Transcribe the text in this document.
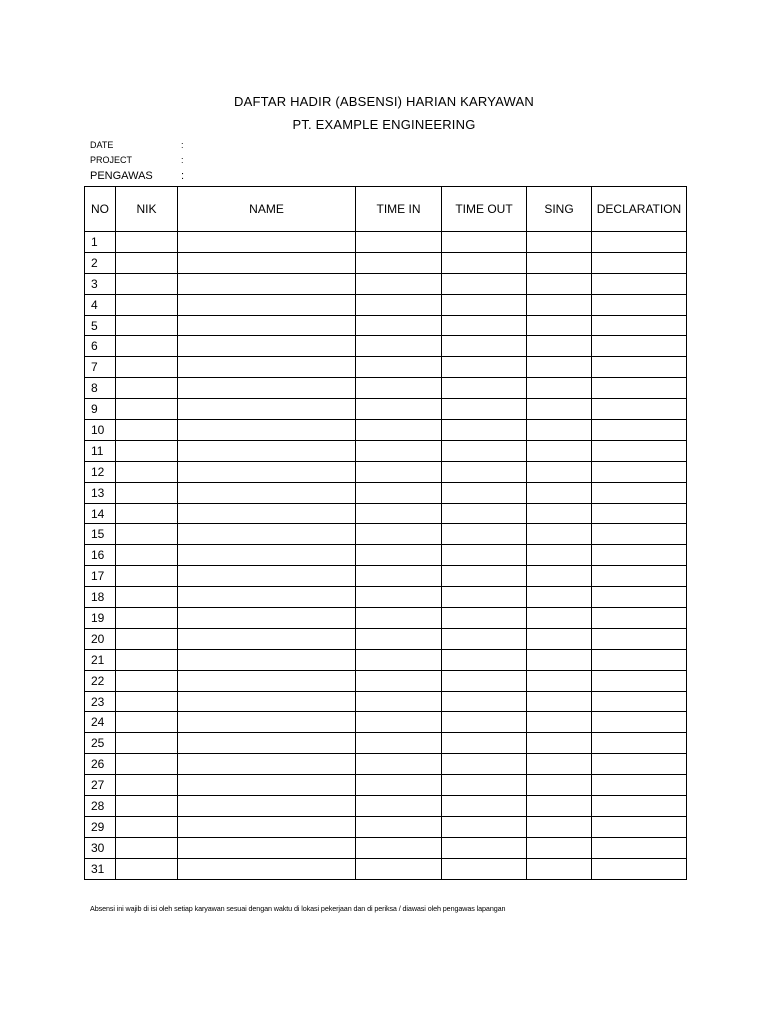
DAFTAR HADIR (ABSENSI) HARIAN KARYAWAN
PT. EXAMPLE ENGINEERING
DATE	:
PROJECT	:
PENGAWAS	:
NO	NIK	NAME	TIME IN	TIME OUT	SING	DECLARATION
1						
2						
3						
4						
5						
6						
7						
8						
9						
10						
11						
12						
13						
14						
15						
16						
17						
18						
19						
20						
21						
22						
23						
24						
25						
26						
27						
28						
29						
30						
31						
Absensi ini wajib di isi oleh setiap karyawan sesuai dengan waktu di lokasi pekerjaan dan di periksa / diawasi oleh pengawas lapangan
